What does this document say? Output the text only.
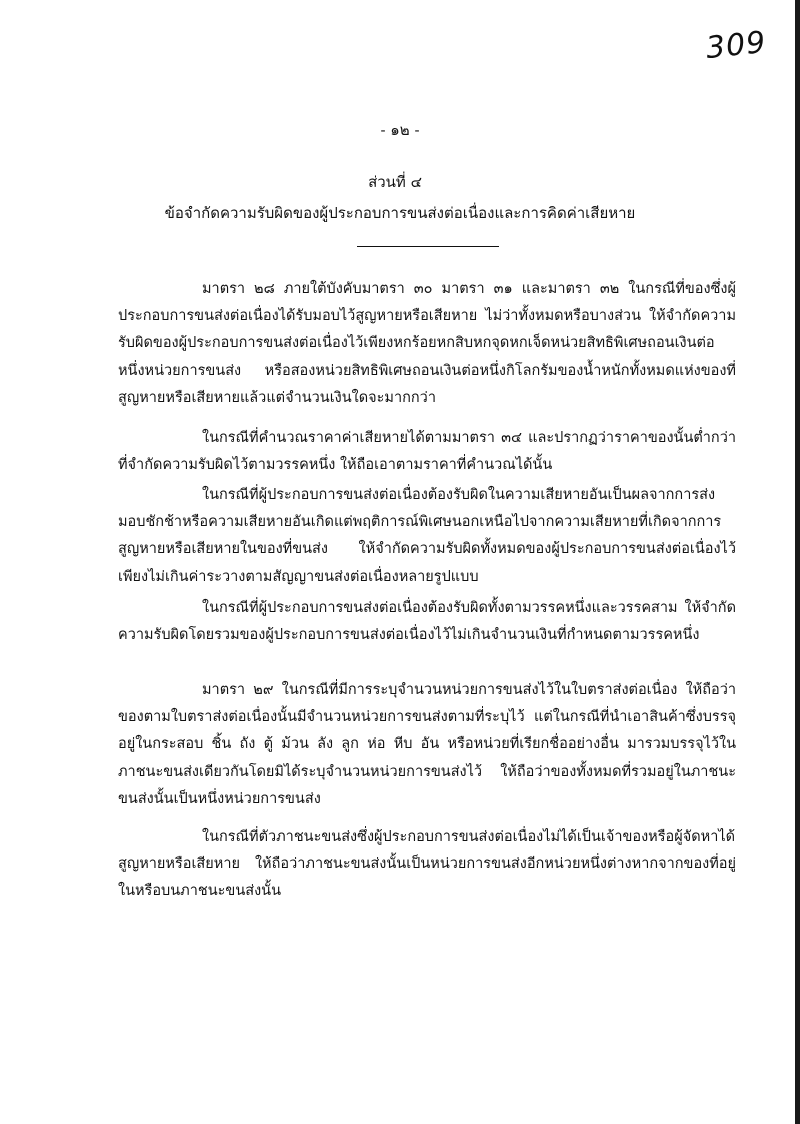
309
- ๑๒ -
ส่วนที่ ๔
ข้อจำกัดความรับผิดของผู้ประกอบการขนส่งต่อเนื่องและการคิดค่าเสียหาย

มาตรา ๒๘ ภายใต้บังคับมาตรา ๓๐ มาตรา ๓๑ และมาตรา ๓๒ ในกรณีที่ของซึ่งผู้ประกอบการขนส่งต่อเนื่องได้รับมอบไว้สูญหายหรือเสียหาย ไม่ว่าทั้งหมดหรือบางส่วน ให้จำกัดความรับผิดของผู้ประกอบการขนส่งต่อเนื่องไว้เพียงหกร้อยหกสิบหกจุดหกเจ็ดหน่วยสิทธิพิเศษถอนเงินต่อหนึ่งหน่วยการขนส่ง หรือสองหน่วยสิทธิพิเศษถอนเงินต่อหนึ่งกิโลกรัมของน้ำหนักทั้งหมดแห่งของที่สูญหายหรือเสียหายแล้วแต่จำนวนเงินใดจะมากกว่า

ในกรณีที่คำนวณราคาค่าเสียหายได้ตามมาตรา ๓๔ และปรากฏว่าราคาของนั้นต่ำกว่าที่จำกัดความรับผิดไว้ตามวรรคหนึ่ง ให้ถือเอาตามราคาที่คำนวณได้นั้น

ในกรณีที่ผู้ประกอบการขนส่งต่อเนื่องต้องรับผิดในความเสียหายอันเป็นผลจากการส่งมอบชักช้าหรือความเสียหายอันเกิดแต่พฤติการณ์พิเศษนอกเหนือไปจากความเสียหายที่เกิดจากการสูญหายหรือเสียหายในของที่ขนส่ง ให้จำกัดความรับผิดทั้งหมดของผู้ประกอบการขนส่งต่อเนื่องไว้เพียงไม่เกินค่าระวางตามสัญญาขนส่งต่อเนื่องหลายรูปแบบ

ในกรณีที่ผู้ประกอบการขนส่งต่อเนื่องต้องรับผิดทั้งตามวรรคหนึ่งและวรรคสาม ให้จำกัดความรับผิดโดยรวมของผู้ประกอบการขนส่งต่อเนื่องไว้ไม่เกินจำนวนเงินที่กำหนดตามวรรคหนึ่ง

มาตรา ๒๙ ในกรณีที่มีการระบุจำนวนหน่วยการขนส่งไว้ในใบตราส่งต่อเนื่อง ให้ถือว่าของตามใบตราส่งต่อเนื่องนั้นมีจำนวนหน่วยการขนส่งตามที่ระบุไว้ แต่ในกรณีที่นำเอาสินค้าซึ่งบรรจุอยู่ในกระสอบ ชิ้น ถัง ตู้ ม้วน ลัง ลูก ห่อ หีบ อัน หรือหน่วยที่เรียกชื่ออย่างอื่น มารวมบรรจุไว้ในภาชนะขนส่งเดียวกันโดยมิได้ระบุจำนวนหน่วยการขนส่งไว้ ให้ถือว่าของทั้งหมดที่รวมอยู่ในภาชนะขนส่งนั้นเป็นหนึ่งหน่วยการขนส่ง

ในกรณีที่ตัวภาชนะขนส่งซึ่งผู้ประกอบการขนส่งต่อเนื่องไม่ได้เป็นเจ้าของหรือผู้จัดหาได้สูญหายหรือเสียหาย ให้ถือว่าภาชนะขนส่งนั้นเป็นหน่วยการขนส่งอีกหน่วยหนึ่งต่างหากจากของที่อยู่ในหรือบนภาชนะขนส่งนั้น
